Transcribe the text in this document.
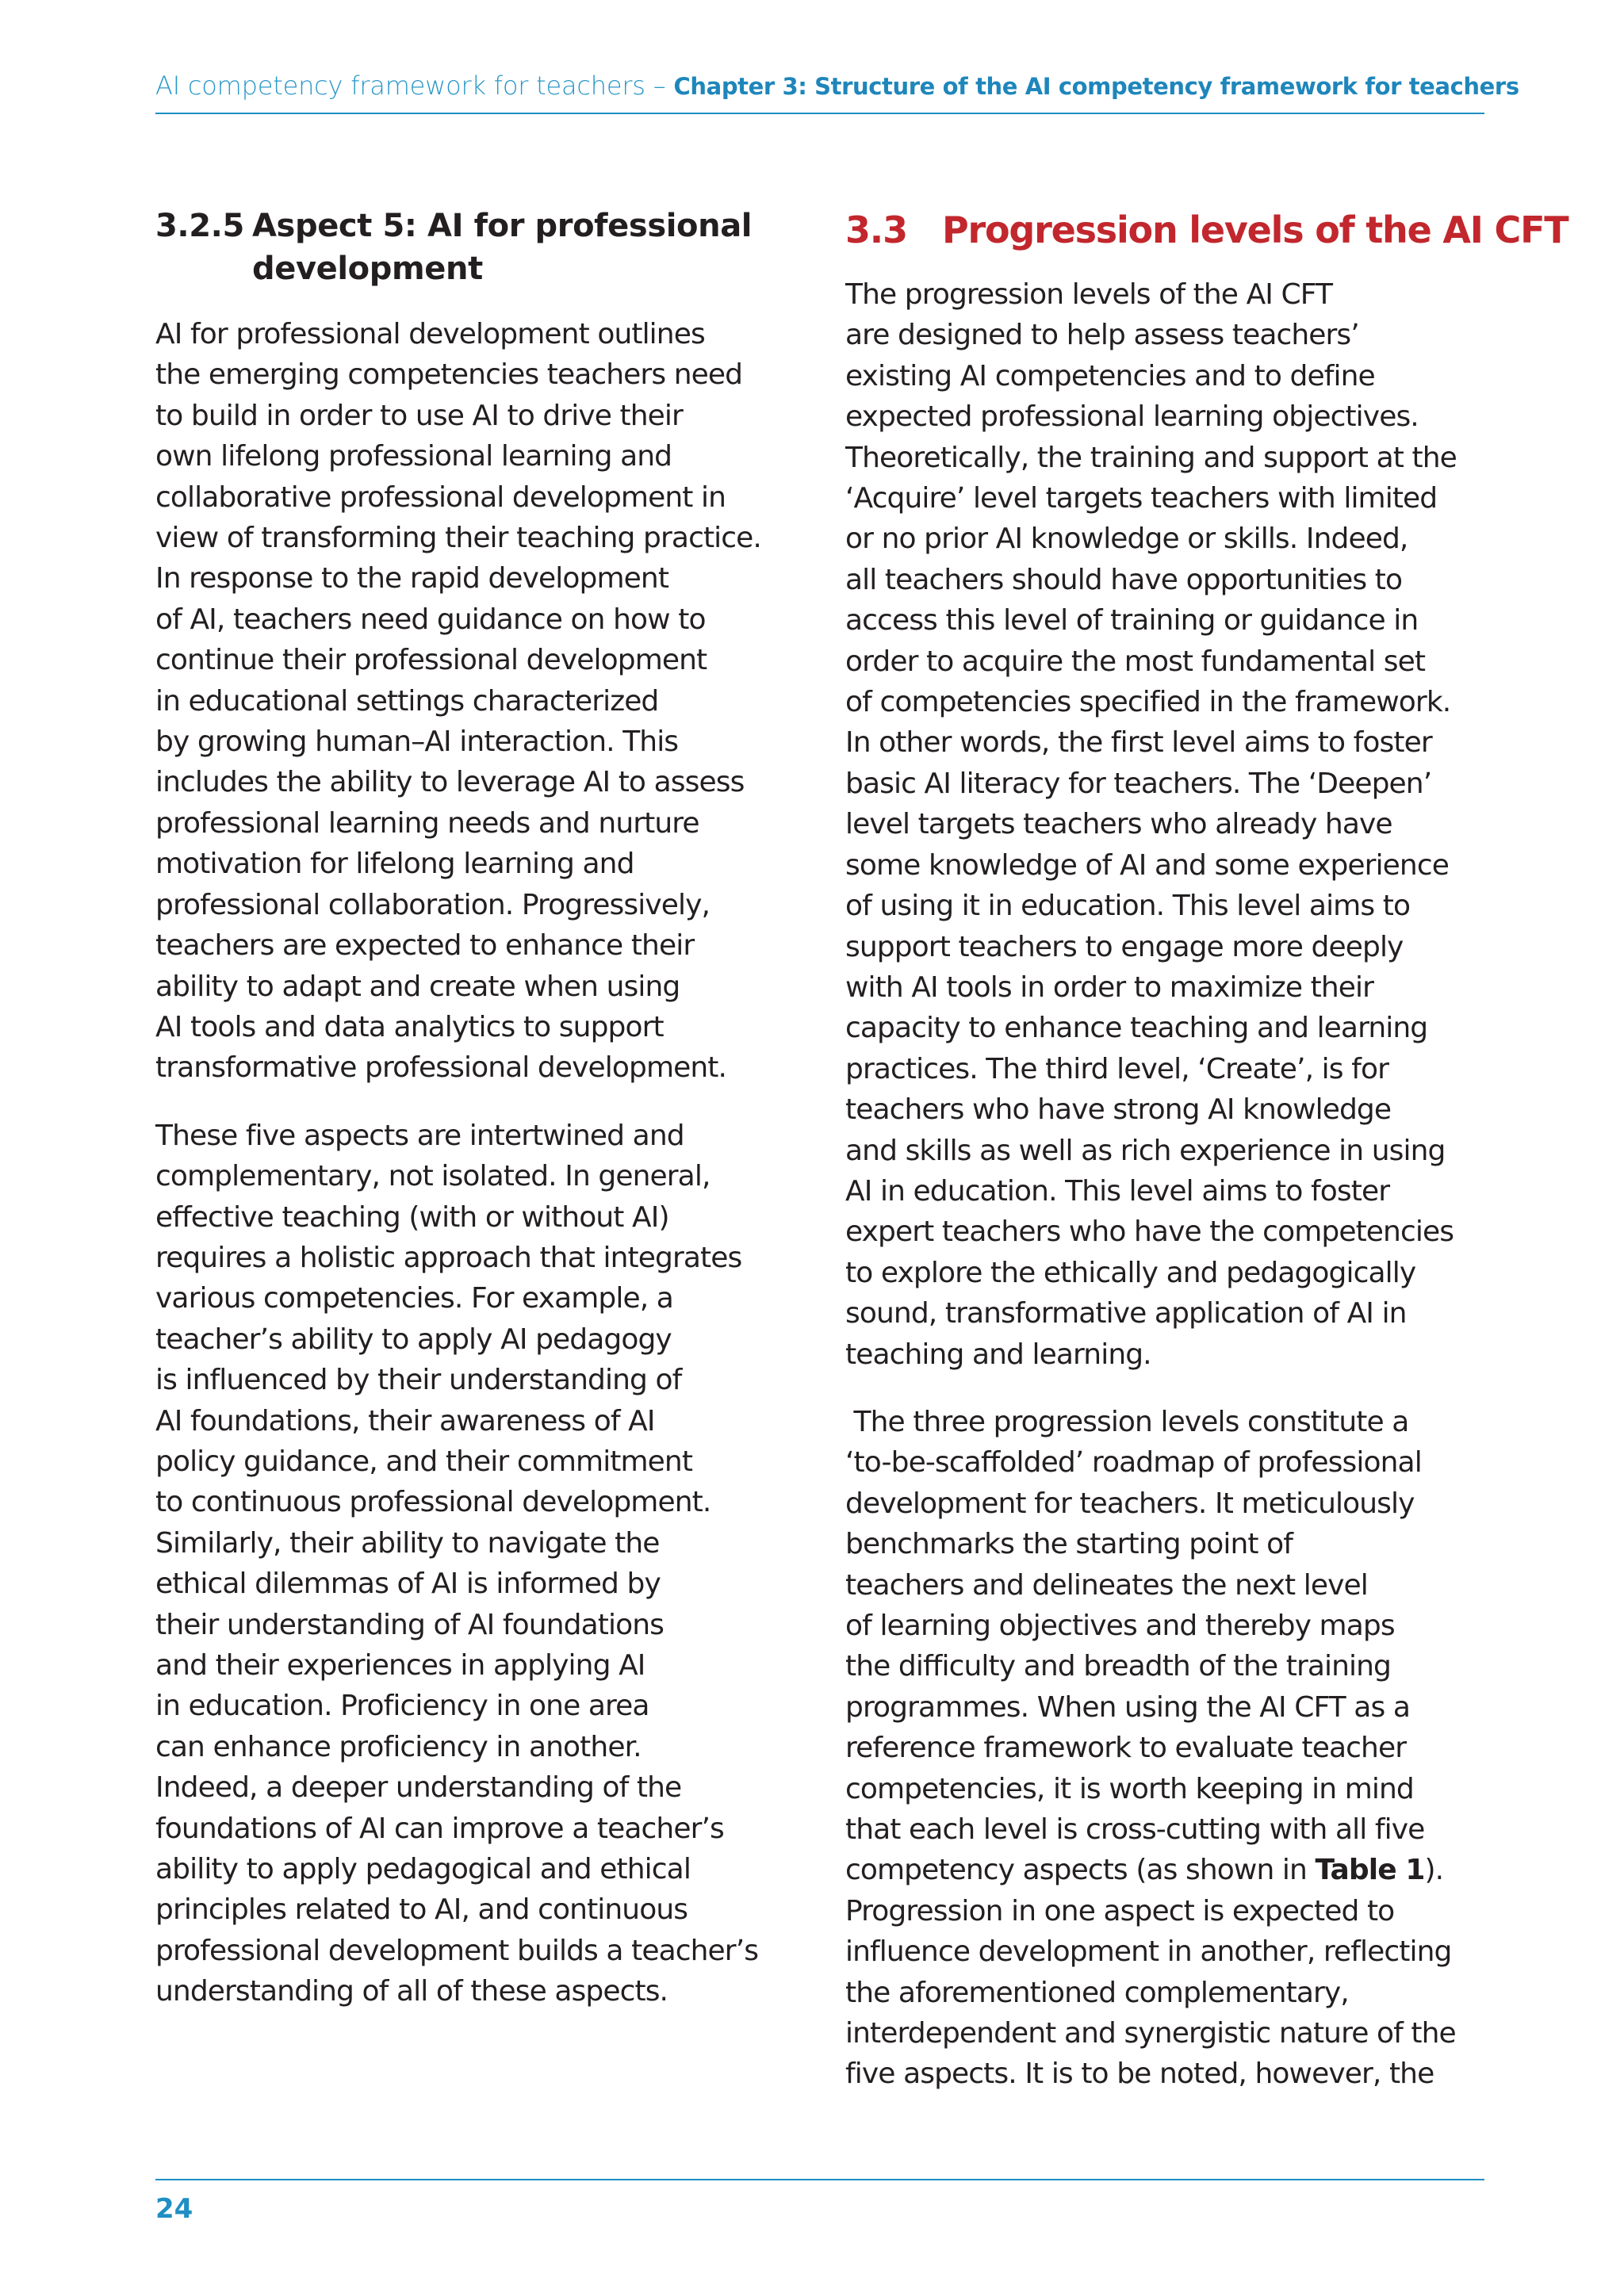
AI competency framework for teachers – Chapter 3: Structure of the AI competency framework for teachers
3.2.5 Aspect 5: AI for professional development
AI for professional development outlines
the emerging competencies teachers need
to build in order to use AI to drive their
own lifelong professional learning and
collaborative professional development in
view of transforming their teaching practice.
In response to the rapid development
of AI, teachers need guidance on how to
continue their professional development
in educational settings characterized
by growing human–AI interaction. This
includes the ability to leverage AI to assess
professional learning needs and nurture
motivation for lifelong learning and
professional collaboration. Progressively,
teachers are expected to enhance their
ability to adapt and create when using
AI tools and data analytics to support
transformative professional development.
These five aspects are intertwined and
complementary, not isolated. In general,
effective teaching (with or without AI)
requires a holistic approach that integrates
various competencies. For example, a
teacher’s ability to apply AI pedagogy
is influenced by their understanding of
AI foundations, their awareness of AI
policy guidance, and their commitment
to continuous professional development.
Similarly, their ability to navigate the
ethical dilemmas of AI is informed by
their understanding of AI foundations
and their experiences in applying AI
in education. Proficiency in one area
can enhance proficiency in another.
Indeed, a deeper understanding of the
foundations of AI can improve a teacher’s
ability to apply pedagogical and ethical
principles related to AI, and continuous
professional development builds a teacher’s
understanding of all of these aspects.
3.3 Progression levels of the AI CFT
The progression levels of the AI CFT
are designed to help assess teachers’
existing AI competencies and to define
expected professional learning objectives.
Theoretically, the training and support at the
‘Acquire’ level targets teachers with limited
or no prior AI knowledge or skills. Indeed,
all teachers should have opportunities to
access this level of training or guidance in
order to acquire the most fundamental set
of competencies specified in the framework.
In other words, the first level aims to foster
basic AI literacy for teachers. The ‘Deepen’
level targets teachers who already have
some knowledge of AI and some experience
of using it in education. This level aims to
support teachers to engage more deeply
with AI tools in order to maximize their
capacity to enhance teaching and learning
practices. The third level, ‘Create’, is for
teachers who have strong AI knowledge
and skills as well as rich experience in using
AI in education. This level aims to foster
expert teachers who have the competencies
to explore the ethically and pedagogically
sound, transformative application of AI in
teaching and learning.
The three progression levels constitute a
‘to-be-scaffolded’ roadmap of professional
development for teachers. It meticulously
benchmarks the starting point of
teachers and delineates the next level
of learning objectives and thereby maps
the difficulty and breadth of the training
programmes. When using the AI CFT as a
reference framework to evaluate teacher
competencies, it is worth keeping in mind
that each level is cross-cutting with all five
competency aspects (as shown in Table 1).
Progression in one aspect is expected to
influence development in another, reflecting
the aforementioned complementary,
interdependent and synergistic nature of the
five aspects. It is to be noted, however, the
24
